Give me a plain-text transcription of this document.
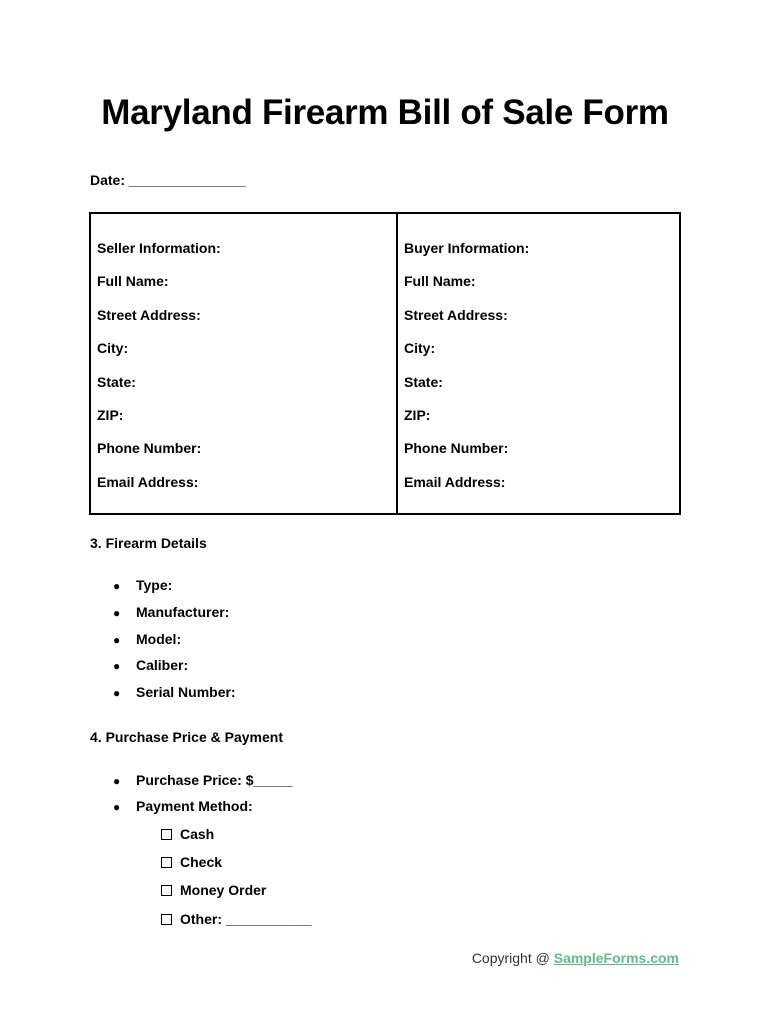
Maryland Firearm Bill of Sale Form
Date: _______________
Seller Information:
Full Name:
Street Address:
City:
State:
ZIP:
Phone Number:
Email Address:
Buyer Information:
Full Name:
Street Address:
City:
State:
ZIP:
Phone Number:
Email Address:
3. Firearm Details
● Type:
● Manufacturer:
● Model:
● Caliber:
● Serial Number:
4. Purchase Price & Payment
● Purchase Price: $_____
● Payment Method:
Cash
Check
Money Order
Other: ___________
Copyright @ SampleForms.com
